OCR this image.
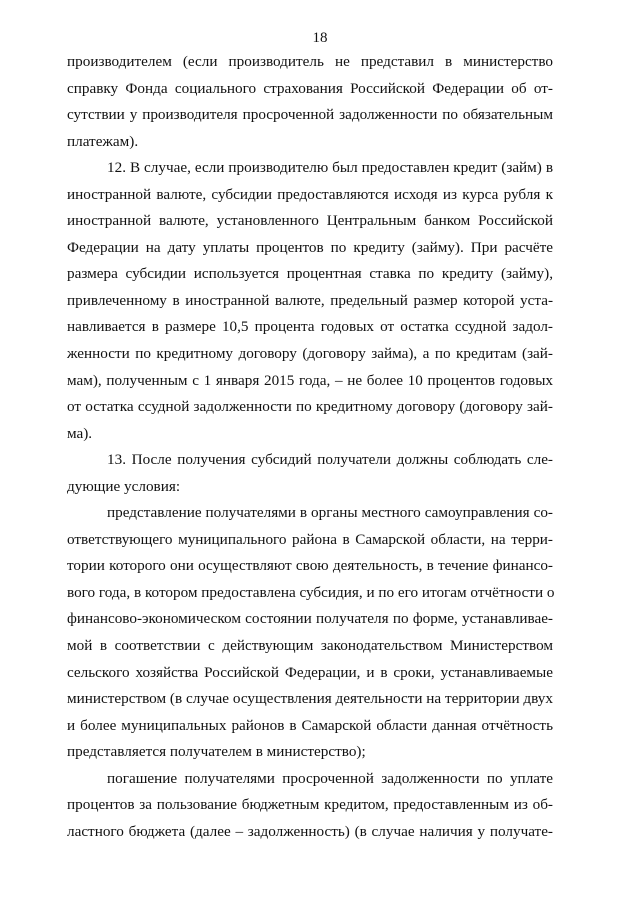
18
производителем (если производитель не представил в министерство
справку Фонда социального страхования Российской Федерации об от-
сутствии у производителя просроченной задолженности по обязательным
платежам).
12. В случае, если производителю был предоставлен кредит (займ) в
иностранной валюте, субсидии предоставляются исходя из курса рубля к
иностранной валюте, установленного Центральным банком Российской
Федерации на дату уплаты процентов по кредиту (займу). При расчёте
размера субсидии используется процентная ставка по кредиту (займу),
привлеченному в иностранной валюте, предельный размер которой уста-
навливается в размере 10,5 процента годовых от остатка ссудной задол-
женности по кредитному договору (договору займа), а по кредитам (зай-
мам), полученным с 1 января 2015 года, – не более 10 процентов годовых
от остатка ссудной задолженности по кредитному договору (договору зай-
ма).
13. После получения субсидий получатели должны соблюдать сле-
дующие условия:
представление получателями в органы местного самоуправления со-
ответствующего муниципального района в Самарской области, на терри-
тории которого они осуществляют свою деятельность, в течение финансо-
вого года, в котором предоставлена субсидия, и по его итогам отчётности о
финансово-экономическом состоянии получателя по форме, устанавливае-
мой в соответствии с действующим законодательством Министерством
сельского хозяйства Российской Федерации, и в сроки, устанавливаемые
министерством (в случае осуществления деятельности на территории двух
и более муниципальных районов в Самарской области данная отчётность
представляется получателем в министерство);
погашение получателями просроченной задолженности по уплате
процентов за пользование бюджетным кредитом, предоставленным из об-
ластного бюджета (далее – задолженность) (в случае наличия у получате-
